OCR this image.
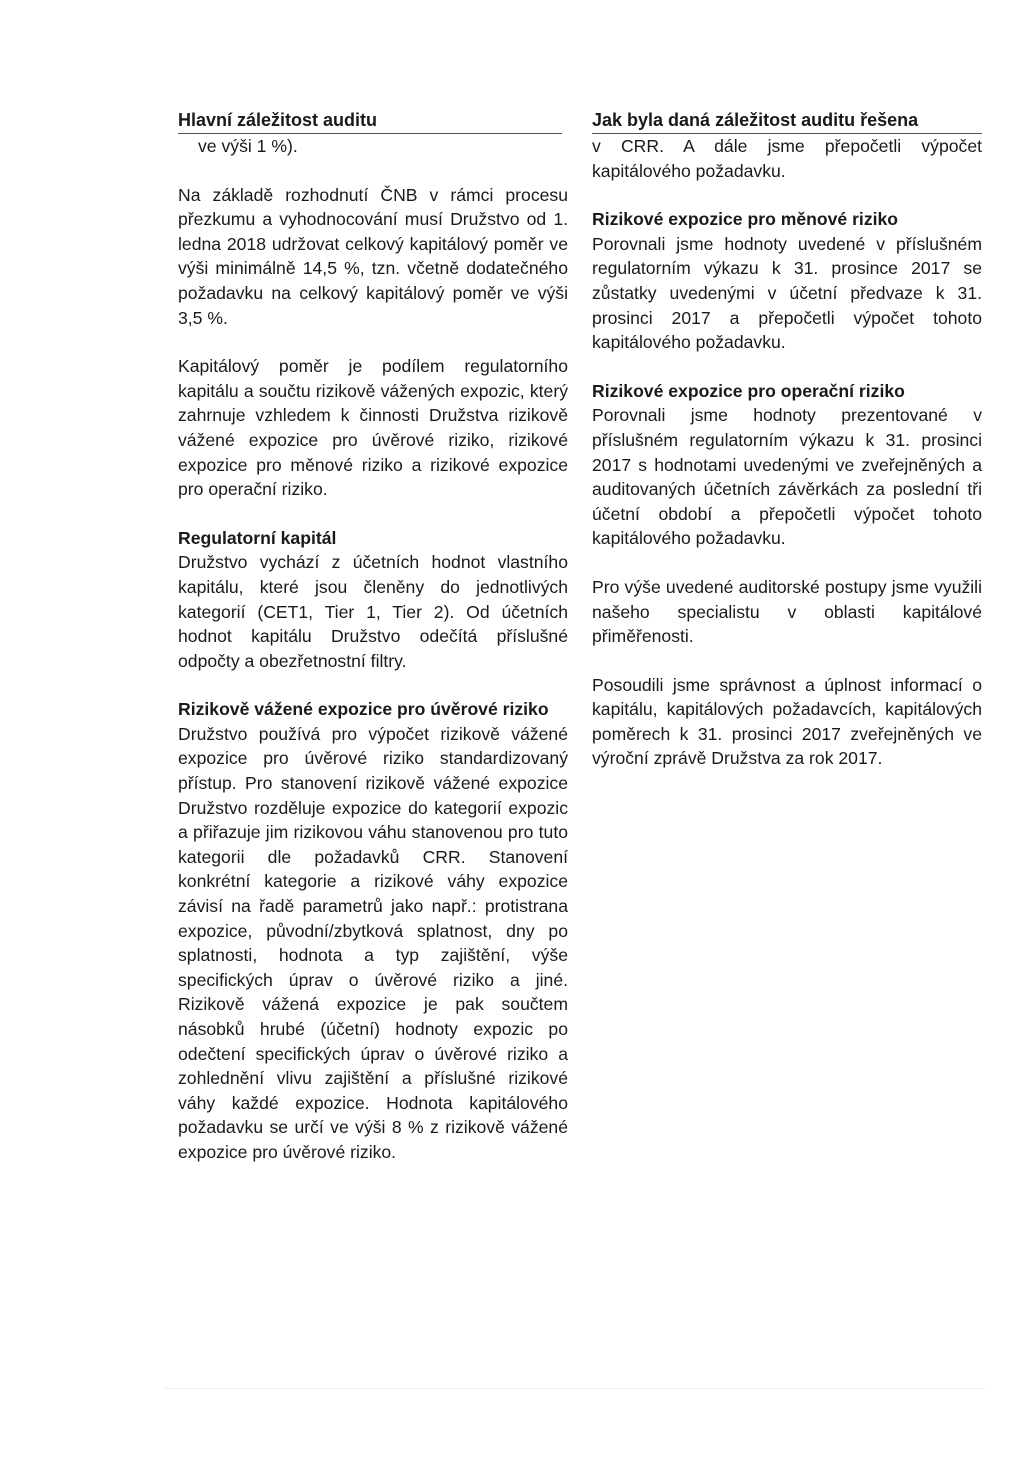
Hlavní záležitost auditu

ve výši 1 %).

Na základě rozhodnutí ČNB v rámci procesu přezkumu a vyhodnocování musí Družstvo od 1. ledna 2018 udržovat celkový kapitálový poměr ve výši minimálně 14,5 %, tzn. včetně dodatečného požadavku na celkový kapitálový poměr ve výši 3,5 %.

Kapitálový poměr je podílem regulatorního kapitálu a součtu rizikově vážených expozic, který zahrnuje vzhledem k činnosti Družstva rizikově vážené expozice pro úvěrové riziko, rizikové expozice pro měnové riziko a rizikové expozice pro operační riziko.

Regulatorní kapitál

Družstvo vychází z účetních hodnot vlastního kapitálu, které jsou členěny do jednotlivých kategorií (CET1, Tier 1, Tier 2). Od účetních hodnot kapitálu Družstvo odečítá příslušné odpočty a obezřetnostní filtry.

Rizikově vážené expozice pro úvěrové riziko

Družstvo používá pro výpočet rizikově vážené expozice pro úvěrové riziko standardizovaný přístup. Pro stanovení rizikově vážené expozice Družstvo rozděluje expozice do kategorií expozic a přiřazuje jim rizikovou váhu stanovenou pro tuto kategorii dle požadavků CRR. Stanovení konkrétní kategorie a rizikové váhy expozice závisí na řadě parametrů jako např.: protistrana expozice, původní/zbytková splatnost, dny po splatnosti, hodnota a typ zajištění, výše specifických úprav o úvěrové riziko a jiné. Rizikově vážená expozice je pak součtem násobků hrubé (účetní) hodnoty expozic po odečtení specifických úprav o úvěrové riziko a zohlednění vlivu zajištění a příslušné rizikové váhy každé expozice. Hodnota kapitálového požadavku se určí ve výši 8 % z rizikově vážené expozice pro úvěrové riziko.

Jak byla daná záležitost auditu řešena

v CRR. A dále jsme přepočetli výpočet kapitálového požadavku.

Rizikové expozice pro měnové riziko

Porovnali jsme hodnoty uvedené v příslušném regulatorním výkazu k 31. prosince 2017 se zůstatky uvedenými v účetní předvaze k 31. prosinci 2017 a přepočetli výpočet tohoto kapitálového požadavku.

Rizikové expozice pro operační riziko

Porovnali jsme hodnoty prezentované v příslušném regulatorním výkazu k 31. prosinci 2017 s hodnotami uvedenými ve zveřejněných a auditovaných účetních závěrkách za poslední tři účetní období a přepočetli výpočet tohoto kapitálového požadavku.

Pro výše uvedené auditorské postupy jsme využili našeho specialistu v oblasti kapitálové přiměřenosti.

Posoudili jsme správnost a úplnost informací o kapitálu, kapitálových požadavcích, kapitálových poměrech k 31. prosinci 2017 zveřejněných ve výroční zprávě Družstva za rok 2017.
